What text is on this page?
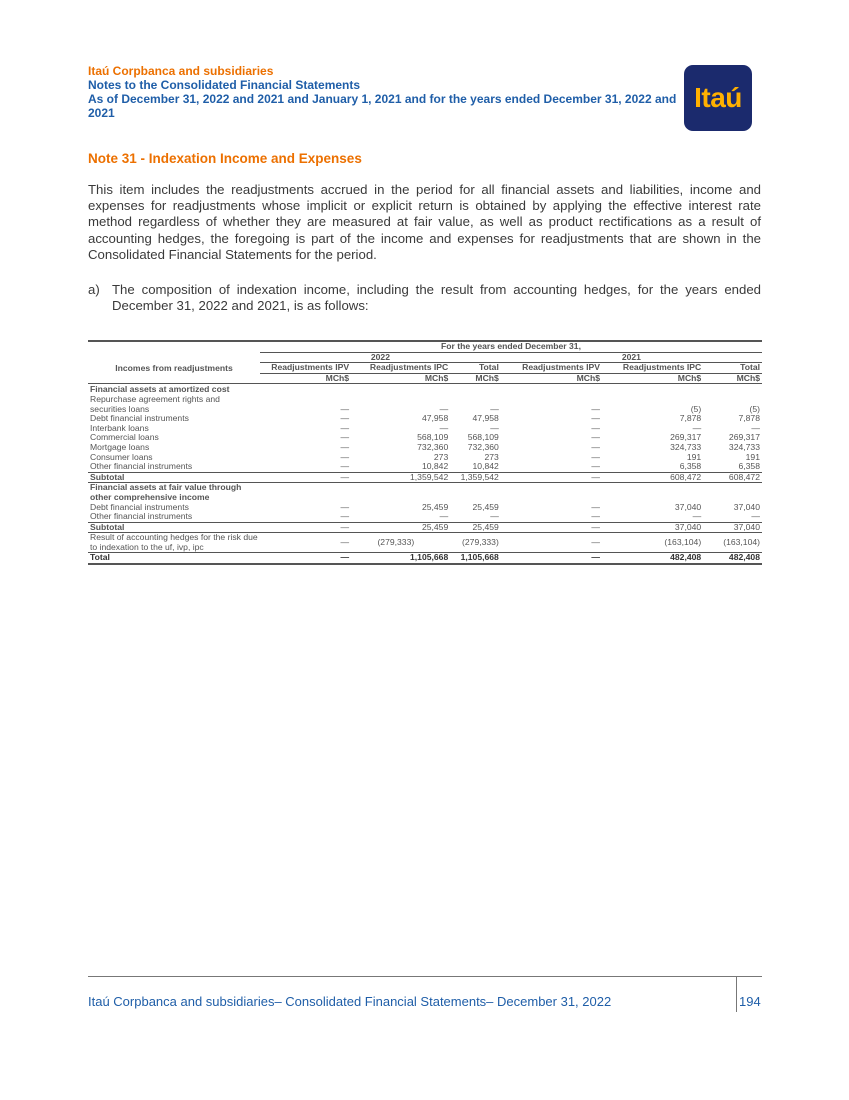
Itaú Corpbanca and subsidiaries
Notes to the Consolidated Financial Statements
As of December 31, 2022 and 2021 and January 1, 2021 and for the years ended December 31, 2022 and 2021	Itaú
Note 31 - Indexation Income and Expenses
This item includes the readjustments accrued in the period for all financial assets and liabilities, income and expenses for readjustments whose implicit or explicit return is obtained by applying the effective interest rate method regardless of whether they are measured at fair value, as well as product rectifications as a result of accounting hedges, the foregoing is part of the income and expenses for readjustments that are shown in the Consolidated Financial Statements for the period.
a) The composition of indexation income, including the result from accounting hedges, for the years ended December 31, 2022 and 2021, is as follows:

	For the years ended December 31,					
	2022			2021		
Incomes from readjustments	Readjustments IPV	Readjustments IPC	Total	Readjustments IPV	Readjustments IPC	Total
	MCh$	MCh$	MCh$	MCh$	MCh$	MCh$
Financial assets at amortized cost						
Repurchase agreement rights and securities loans	—	—	—	—	(5)	(5)
Debt financial instruments	—	47,958	47,958	—	7,878	7,878
Interbank loans	—	—	—	—	—	—
Commercial loans	—	568,109	568,109	—	269,317	269,317
Mortgage loans	—	732,360	732,360	—	324,733	324,733
Consumer loans	—	273	273	—	191	191
Other financial instruments	—	10,842	10,842	—	6,358	6,358
Subtotal	—	1,359,542	1,359,542	—	608,472	608,472
Financial assets at fair value through other comprehensive income						
Debt financial instruments	—	25,459	25,459	—	37,040	37,040
Other financial instruments	—	—	—	—	—	—
Subtotal	—	25,459	25,459	—	37,040	37,040
Result of accounting hedges for the risk due to indexation to the uf, ivp, ipc	—	(279,333)	(279,333)	—	(163,104)	(163,104)
Total	—	1,105,668	1,105,668	—	482,408	482,408
Itaú Corpbanca and subsidiaries– Consolidated Financial Statements– December 31, 2022	194
